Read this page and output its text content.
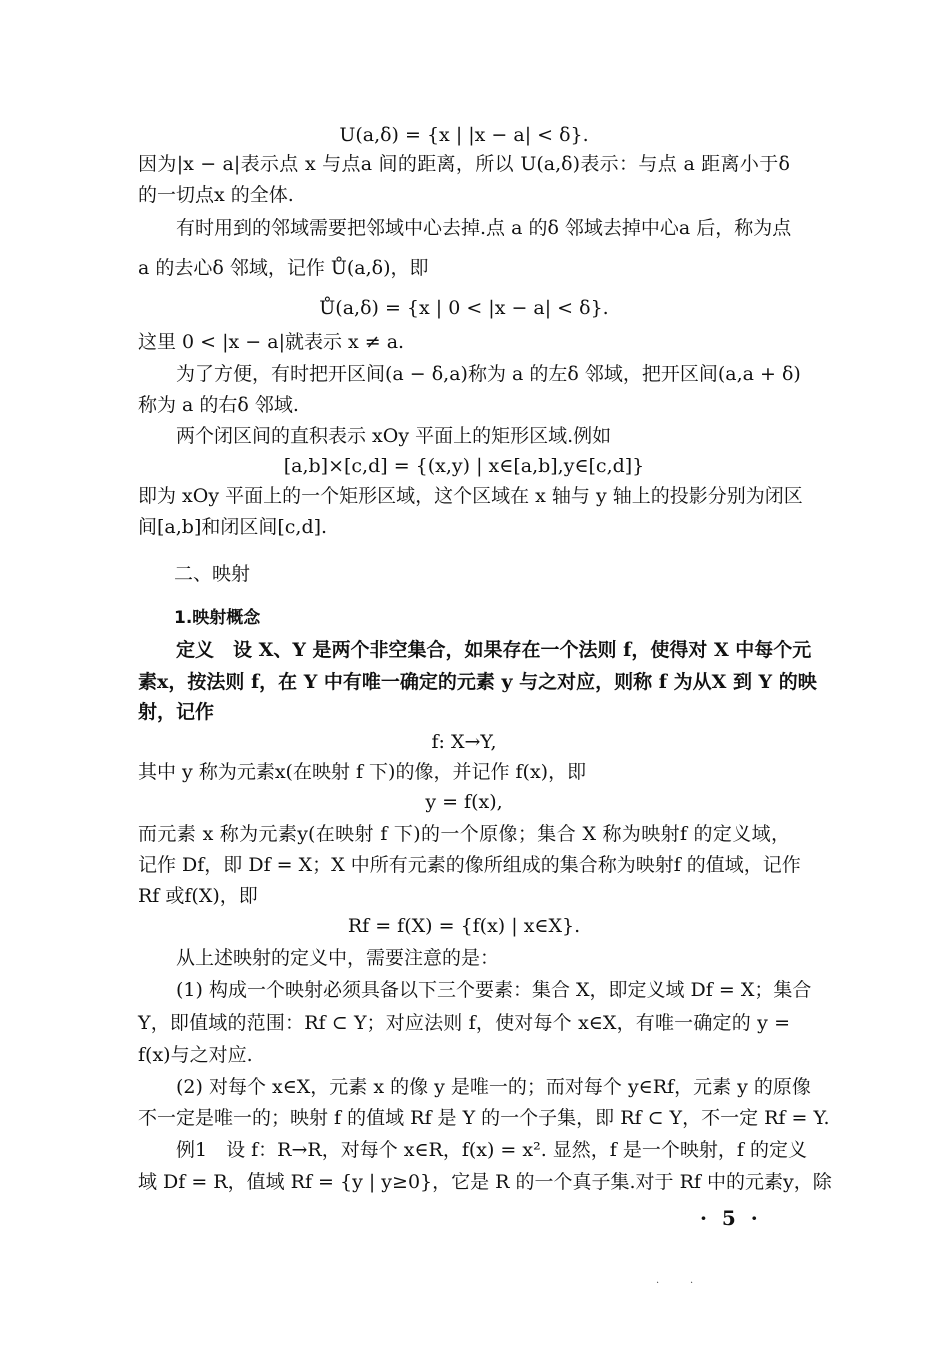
U(a,δ) = {x | |x − a| < δ}.
因为|x − a|表示点 x 与点a 间的距离，所以 U(a,δ)表示：与点 a 距离小于δ
的一切点x 的全体.
有时用到的邻域需要把邻域中心去掉.点 a 的δ 邻域去掉中心a 后，称为点
a 的去心δ 邻域，记作 Ů(a,δ)，即
Ů(a,δ) = {x | 0 < |x − a| < δ}.
这里 0 < |x − a|就表示 x ≠ a.
为了方便，有时把开区间(a − δ,a)称为 a 的左δ 邻域，把开区间(a,a + δ)
称为 a 的右δ 邻域.
两个闭区间的直积表示 xOy 平面上的矩形区域.例如
[a,b]×[c,d] = {(x,y) | x∈[a,b],y∈[c,d]}
即为 xOy 平面上的一个矩形区域，这个区域在 x 轴与 y 轴上的投影分别为闭区
间[a,b]和闭区间[c,d].
二、映射
1.映射概念
定义　设 X、Y 是两个非空集合，如果存在一个法则 f，使得对 X 中每个元
素x，按法则 f，在 Y 中有唯一确定的元素 y 与之对应，则称 f 为从X 到 Y 的映
射，记作
f: X→Y,
其中 y 称为元素x(在映射 f 下)的像，并记作 f(x)，即
y = f(x),
而元素 x 称为元素y(在映射 f 下)的一个原像；集合 X 称为映射f 的定义域，
记作 Df，即 Df = X；X 中所有元素的像所组成的集合称为映射f 的值域，记作
Rf 或f(X)，即
Rf = f(X) = {f(x) | x∈X}.
从上述映射的定义中，需要注意的是：
(1) 构成一个映射必须具备以下三个要素：集合 X，即定义域 Df = X；集合
Y，即值域的范围：Rf ⊂ Y；对应法则 f，使对每个 x∈X，有唯一确定的 y =
f(x)与之对应.
(2) 对每个 x∈X，元素 x 的像 y 是唯一的；而对每个 y∈Rf，元素 y 的原像
不一定是唯一的；映射 f 的值域 Rf 是 Y 的一个子集，即 Rf ⊂ Y，不一定 Rf = Y.
例1　设 f：R→R，对每个 x∈R，f(x) = x². 显然，f 是一个映射，f 的定义
域 Df = R，值域 Rf = {y | y≥0}，它是 R 的一个真子集.对于 Rf 中的元素y，除
· 5 ·
·	·
